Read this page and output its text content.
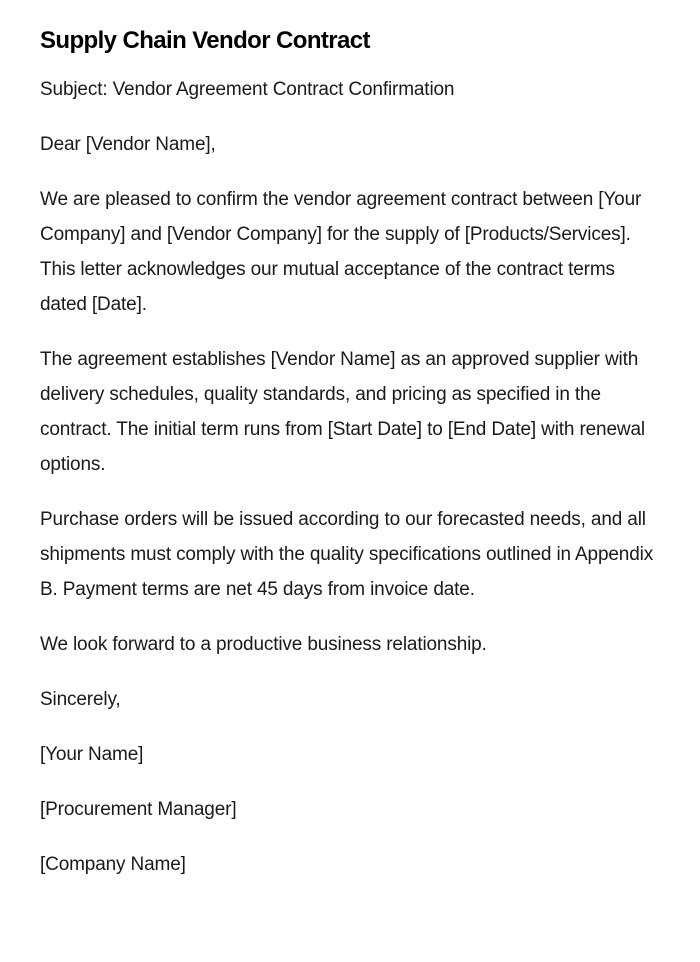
Supply Chain Vendor Contract

Subject: Vendor Agreement Contract Confirmation

Dear [Vendor Name],

We are pleased to confirm the vendor agreement contract between [Your Company] and [Vendor Company] for the supply of [Products/Services]. This letter acknowledges our mutual acceptance of the contract terms dated [Date].

The agreement establishes [Vendor Name] as an approved supplier with delivery schedules, quality standards, and pricing as specified in the contract. The initial term runs from [Start Date] to [End Date] with renewal options.

Purchase orders will be issued according to our forecasted needs, and all shipments must comply with the quality specifications outlined in Appendix B. Payment terms are net 45 days from invoice date.

We look forward to a productive business relationship.

Sincerely,

[Your Name]

[Procurement Manager]

[Company Name]
